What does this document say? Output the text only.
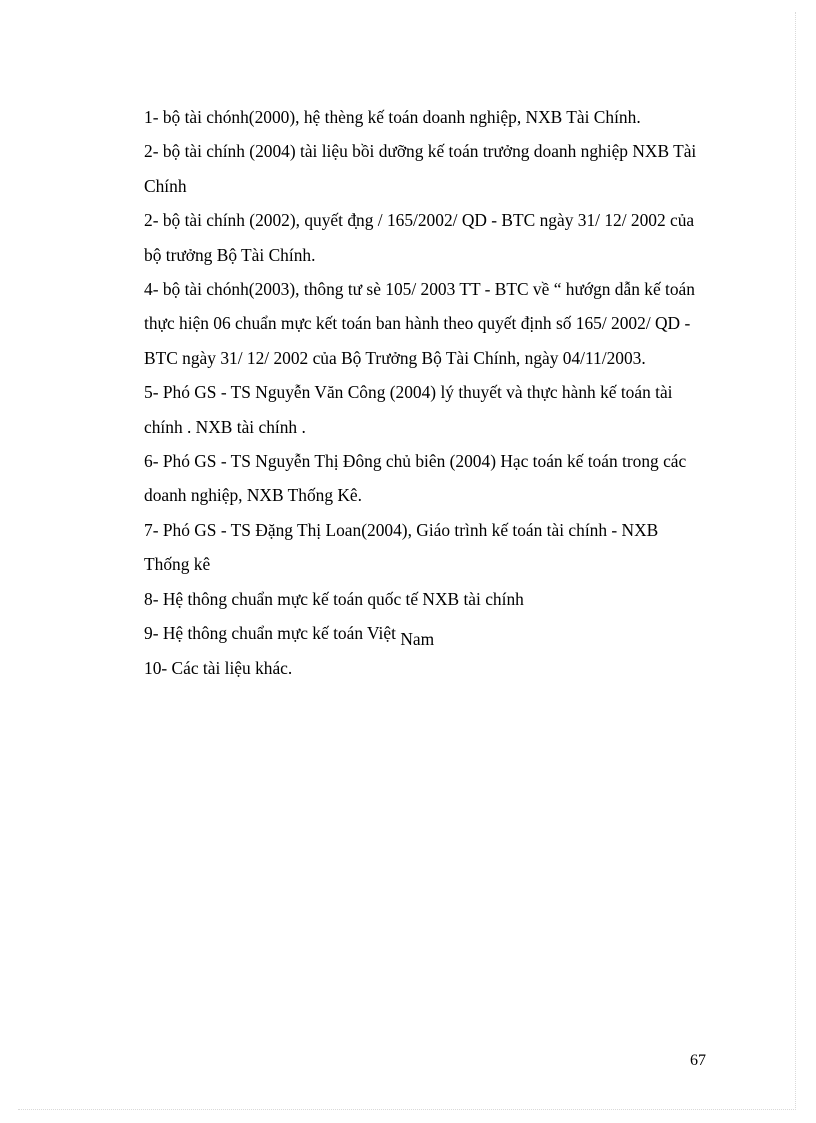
1- bộ tài chónh(2000), hệ thèng kế toán doanh nghiệp, NXB Tài Chính.

2- bộ tài chính (2004) tài liệu bồi dưỡng kế toán trưởng doanh nghiệp NXB Tài Chính

2- bộ tài chính (2002), quyết đ̣ng / 165/2002/ QD - BTC ngày 31/ 12/ 2002 của bộ trưởng Bộ Tài Chính.

4- bộ tài chónh(2003), thông tư sè 105/ 2003 TT - BTC về “ hướgn dẫn kế toán thực hiện 06 chuẩn mực kết toán ban hành theo quyết định số 165/ 2002/ QD - BTC ngày 31/ 12/ 2002 của Bộ Trưởng Bộ Tài Chính, ngày 04/11/2003.

5- Phó GS - TS Nguyễn Văn Công (2004) lý thuyết và thực hành kế toán tài chính . NXB tài chính .

6- Phó GS - TS Nguyễn Thị Đông chủ biên (2004) Hạc toán kế toán trong các doanh nghiệp, NXB Thống Kê.

7- Phó GS - TS Đặng Thị Loan(2004), Giáo trình kế toán tài chính - NXB Thống kê

8- Hệ thông chuẩn mực kế toán quốc tế NXB tài chính

9- Hệ thông chuẩn mực kế toán Việt Nam

10- Các tài liệu khác.

67
